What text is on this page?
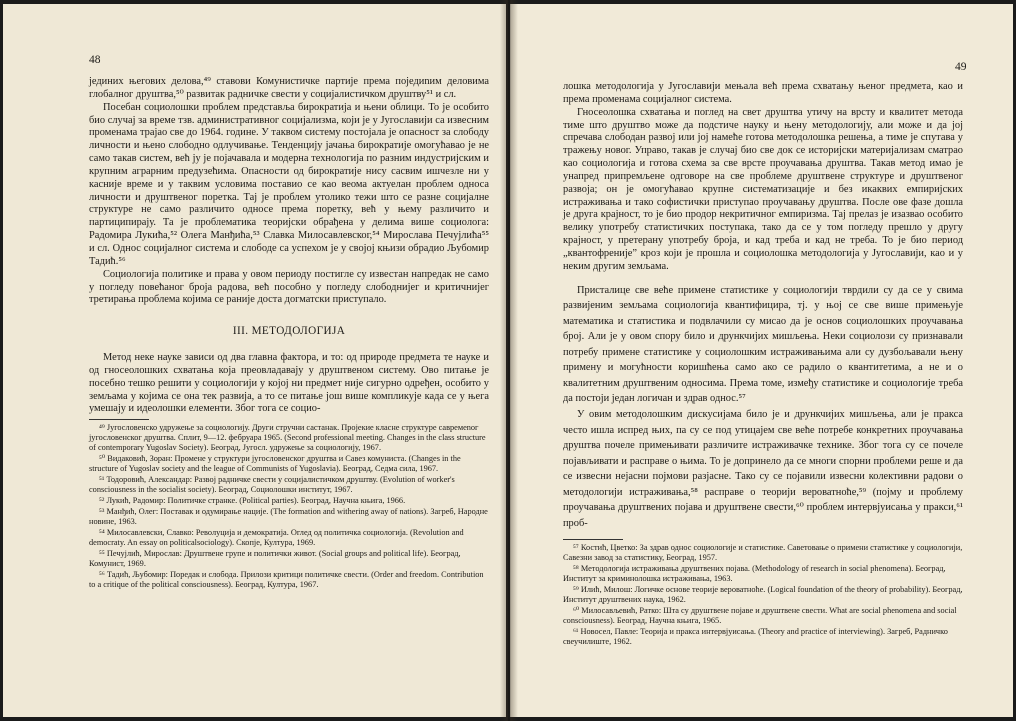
48

јединих његових делова,⁴⁹ ставови Комунистичке партије према поједиnим деловима глобалног друштва,⁵⁰ развитак радничке свести у социјалистичком друштву⁵¹ и сл.

Посебан социолошки проблем представља бирократија и њени облици. То је особито био случај за време тзв. административног социјализма, који је у Југославији са извесним променама трајао све до 1964. године. У таквом систему постојала је опасност за слободу личности и њено слободно одлучивање. Тенденцију јачања бирократије омогућавао је не само такав систем, већ ју је појачавала и модерна технологија по разним индустријским и крупним аграрним предузећима. Опасности од бирократије нису сасвим ишчезле ни у касније време и у таквим условима поставио се као веома актуелан проблем односа личности и друштвеног поретка. Тај је проблем утолико тежи што се разне социјалне структуре не само различито односе према поретку, већ у њему различито и партиципирају. Та је проблематика теоријски обрађена у делима више социолога: Радомира Лукића,⁵² Олега Манђића,⁵³ Славка Милосавлевског,⁵⁴ Мирослава Печујлића⁵⁵ и сл. Однос социјалног система и слободе са успехом је у својој књизи обрадио Љубомир Тадић.⁵⁶

Социологија политике и права у овом периоду постигле су известан напредак не само у погледу повећаног броја радова, већ пособно у погледу слободнијег и критичнијег третирања проблема којима се раније доста догматски приступало.

III. МЕТОДОЛОГИЈА

Метод неке науке зависи од два главна фактора, и то: од природе предмета те науке и од гносеолошких схватања која преовладавају у друштвеном систему. Ово питање је посебно тешко решити у социологији у којој ни предмет није сигурно одређен, особито у земљама у којима се она тек развија, а то се питање још више компликује када се у њега умешају и идеолошки елементи. Због тога се социо-

⁴⁹ Југословенско удружење за социологију. Други стручни састанак. Проjeкие класне структуре савремеnог југословенског друштва. Сплит, 9—12. фебруара 1965. (Second professional meeting. Changes in the class structure of contemporary Yugoslav Society). Београд, Југосл. удружење за социологију, 1967.

⁵⁰ Видаковић, Зоран: Промене у структури југословенског друштва и Савез комуниста. (Changes in the structure of Yugoslav society and the league of Communists of Yugoslavia). Београд, Седма сила, 1967.

⁵¹ Тодоровић, Александар: Развој радничке свести у социјалистичком друштву. (Evolution of worker's consciousness in the socialist society). Београд, Социолошки институт, 1967.

⁵² Лукић, Радомир: Политичке странке. (Political parties). Београд, Научна књига, 1966.

⁵³ Манђић, Олег: Поставак и одумирање нације. (The formation and withering away of nations). Загреб, Народне новине, 1963.

⁵⁴ Милосавлевски, Славко: Револуција и демократија. Оглед од политичка социологија. (Revolution and democraty. An essay on politicalsociology). Скопје, Култура, 1969.

⁵⁵ Печујлић, Мирослав: Друштвене групе и политички живот. (Social groups and political life). Београд, Комунист, 1969.

⁵⁶ Тадић, Љубомир: Поредак и слобода. Прилози критици политичке свести. (Order and freedom. Contribution to a critique of the political consciousness). Београд, Култура, 1967.

49

лошка методологија у Југославији мењала већ према схватању њеног предмета, као и према променама социјалног система.

Гносеолошка схватања и поглед на свет друштва утичу на врсту и квалитет метода тиме што друштво може да подстиче науку и њену методологију, али може и да јој спречава слободан развој или јој намеће готова методолошка решења, а тиме је спутава у тражењу новог. Управо, такав је случај био све док се историјски материјализам сматрао као социологија и готова схема за све врсте проучавања друштва. Такав метод имао је унапред припремљене одговоре на све проблеме друштвене структуре и друштвеног развоја; он је омогућавао крупне систематизације и без икаквих емпиријских истраживања и тако софистички приступао проучавању друштва. После ове фазе дошла је друга крајност, то је био продор некритичног емпиризма. Тај прелаз је изазвао особито велику употребу статистичких поступака, тако да се у том погледу прешло у другу крајност, у претерану употребу броја, и кад треба и кад не треба. То је био период „квантофреније” кроз који је прошла и социолошка методологија у Југославији, као и у неким другим земљама.

Присталице све веће примене статистике у социологији тврдили су да се у свима развијеним земљама социологија квантифицира, тј. у њој се све више примењује математика и статистика и подвлачили су мисао да је основ социолошких проучавања број. Али је у овом спору било и дрункчијих мишљења. Неки социолози су признавали потребу примене статистике у социолошким истраживањима али су дузбољавали њену примену и могућности коришћења само ако се радило о квантитетима, а не и о квалитетним друштвеним односима. Према томе, између статистике и социологије треба да постоји један логичан и здрав однос.⁵⁷

У овим методолошким дискусијама било је и дрункчијих мишљења, али је пракса често ишла испред њих, па су се под утицајем све веће потребе конкретних проучавања друштва почеле примењивати различите истраживачке технике. Због тога су се почеле појављивати и расправе о њима. То је допринело да се многи спорни проблеми реше и да се извесни нејасни појмови разјасне. Тако су се појавили извесни колективни радови о методологији истраживања,⁵⁸ расправе о теорији вероватноће,⁵⁹ (појму и проблему проучавања друштвених појава и друштвене свести,⁶⁰ проблем интервјуисања у пракси,⁶¹ проб-

⁵⁷ Костић, Цветко: За здрав однос социологије и статистике. Саветовање о примени статистике у социологији, Савезни завод за статистику, Београд, 1957.

⁵⁸ Методологија истраживања друштвених појава. (Methodology of research in social phenomena). Београд, Институт за криминолошка истраживања, 1963.

⁵⁹ Илић, Милош: Логичке основе теорије вероватноће. (Logical foundation of the theory of probability). Београд, Институт друштвених наука, 1962.

⁶⁰ Милосављевић, Ратко: Шта су друштвене појаве и друштвене свести. What are social phenomena and social consciousness). Београд, Научна књига, 1965.

⁶¹ Новосел, Павле: Теорија и пракса интервјуисања. (Theory and practice of interviewing). Загреб, Радничко свеучилиште, 1962.
